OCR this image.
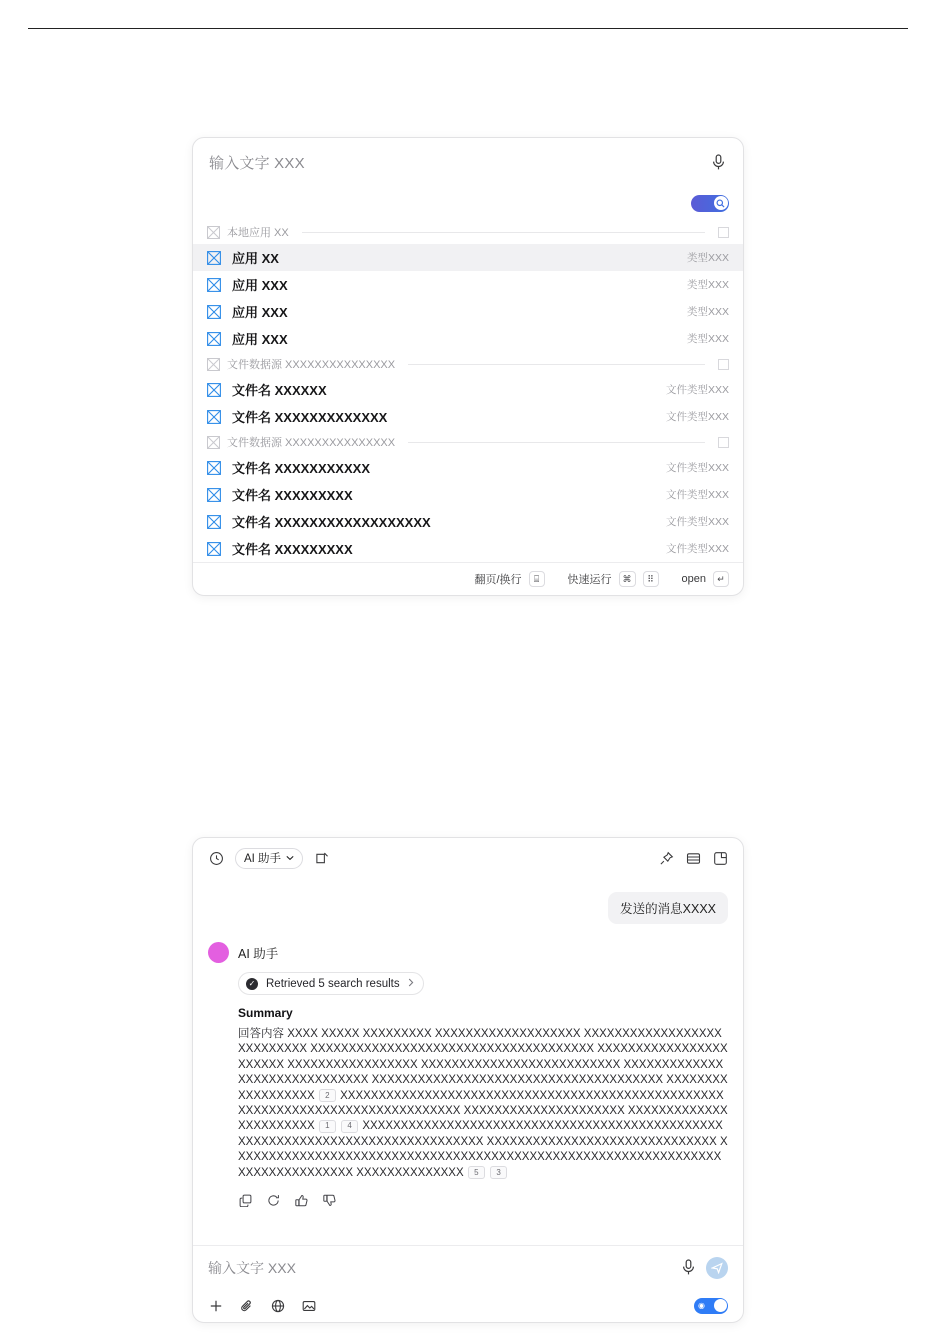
输入文字 XXX
本地应用 XX
应用 XX	类型XXX
应用 XXX	类型XXX
应用 XXX	类型XXX
应用 XXX	类型XXX
文件数据源 XXXXXXXXXXXXXXX
文件名 XXXXXX	文件类型XXX
文件名 XXXXXXXXXXXXX	文件类型XXX
文件数据源 XXXXXXXXXXXXXXX
文件名 XXXXXXXXXXX	文件类型XXX
文件名 XXXXXXXXX	文件类型XXX
文件名 XXXXXXXXXXXXXXXXXX	文件类型XXX
文件名 XXXXXXXXX	文件类型XXX
翻页/换行	⌸	快速运行	⌘	⠿	open	↵
AI 助手
发送的消息XXXX
AI 助手
✓ Retrieved 5 search results
Summary
回答内容 XXXX XXXXX XXXXXXXXX XXXXXXXXXXXXXXXXXXX XXXXXXXXXXXXXXXXXX XXXXXXXXX XXXXXXXXXXXXXXXXXXXXXXXXXXXXXXXXXXXXX XXXXXXXXXXXXXXXXXXXXXXX XXXXXXXXXXXXXXXXX XXXXXXXXXXXXXXXXXXXXXXXXXX XXXXXXXXXXXXXXXXXXXXXXXXXXXXXX XXXXXXXXXXXXXXXXXXXXXXXXXXXXXXXXXXXXXX XXXXXXXXXXXXXXXXXX 2 XXXXXXXXXXXXXXXXXXXXXXXXXXXXXXXXXXXXXXXXXXXXXXXXXXXXXXXXXXXXXXXXXXXXXXXXXXXXXXX XXXXXXXXXXXXXXXXXXXXX XXXXXXXXXXXXXXXXXXXXXXX 1 4 XXXXXXXXXXXXXXXXXXXXXXXXXXXXXXXXXXXXXXXXXXXXXXXXXXXXXXXXXXXXXXXXXXXXXXXXXXXXXXX XXXXXXXXXXXXXXXXXXXXXXXXXXXXXX XXXXXXXXXXXXXXXXXXXXXXXXXXXXXXXXXXXXXXXXXXXXXXXXXXXXXXXXXXXXXXXXXXXXXXXXXXXXXXX XXXXXXXXXXXXXX 5 3
输入文字 XXX
◉
